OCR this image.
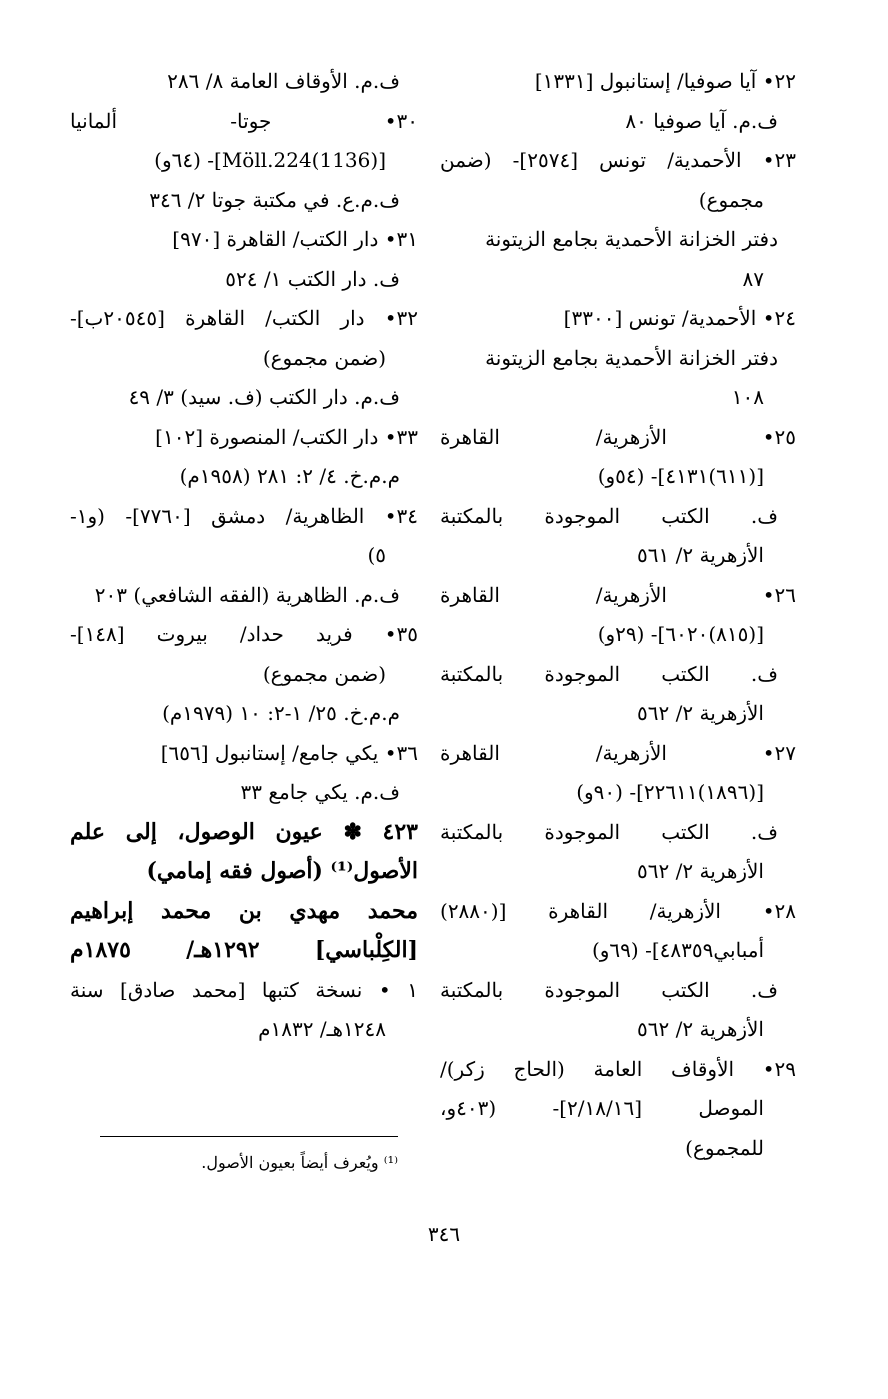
٢٢• آيا صوفيا/ إستانبول [١٣٣١]
ف.م. آيا صوفيا ٨٠
٢٣• الأحمدية/ تونس [٢٥٧٤]- (ضمن
مجموع)
دفتر الخزانة الأحمدية بجامع الزيتونة
٨٧
٢٤• الأحمدية/ تونس [٣٣٠٠]
دفتر الخزانة الأحمدية بجامع الزيتونة
١٠٨
٢٥• الأزهرية/ القاهرة
[(٦١١)٤١٣١]- (٥٤و)
ف. الكتب الموجودة بالمكتبة
الأزهرية ٢/ ٥٦١
٢٦• الأزهرية/ القاهرة
[(٨١٥)٦٠٢٠]- (٢٩و)
ف. الكتب الموجودة بالمكتبة
الأزهرية ٢/ ٥٦٢
٢٧• الأزهرية/ القاهرة
[(١٨٩٦)٢٢٦١١]- (٩٠و)
ف. الكتب الموجودة بالمكتبة
الأزهرية ٢/ ٥٦٢
٢٨• الأزهرية/ القاهرة [(٢٨٨٠)
أمبابي٤٨٣٥٩]- (٦٩و)
ف. الكتب الموجودة بالمكتبة
الأزهرية ٢/ ٥٦٢
٢٩• الأوقاف العامة (الحاج زكر)/
الموصل [٢/١٨/١٦]- (٤٠٣و،
للمجموع)
ف.م. الأوقاف العامة ٨/ ٢٨٦
٣٠• جوتا- ألمانيا
[Möll.224(1136)]- (٦٤و)
ف.م.ع. في مكتبة جوتا ٢/ ٣٤٦
٣١• دار الكتب/ القاهرة [٩٧٠]
ف. دار الكتب ١/ ٥٢٤
٣٢• دار الكتب/ القاهرة [٢٠٥٤٥ب]-
(ضمن مجموع)
ف.م. دار الكتب (ف. سيد) ٣/ ٤٩
٣٣• دار الكتب/ المنصورة [١٠٢]
م.م.خ. ٤/ ٢: ٢٨١ (١٩٥٨م)
٣٤• الظاهرية/ دمشق [٧٧٦٠]- (و١-
٥)
ف.م. الظاهرية (الفقه الشافعي) ٢٠٣
٣٥• فريد حداد/ بيروت [١٤٨]-
(ضمن مجموع)
م.م.خ. ٢٥/ ١-٢: ١٠ (١٩٧٩م)
٣٦• يكي جامع/ إستانبول [٦٥٦]
ف.م. يكي جامع ٣٣
٤٢٣ ✽ عيون الوصول، إلى علم
الأصول⁽¹⁾ (أصول فقه إمامي)
محمد مهدي بن محمد إبراهيم
[الكِلْباسي] ١٢٩٢هـ/ ١٨٧٥م
١ • نسخة كتبها [محمد صادق] سنة
١٢٤٨هـ/ ١٨٣٢م
⁽¹⁾ ويُعرف أيضاً بعيون الأصول.
٣٤٦
